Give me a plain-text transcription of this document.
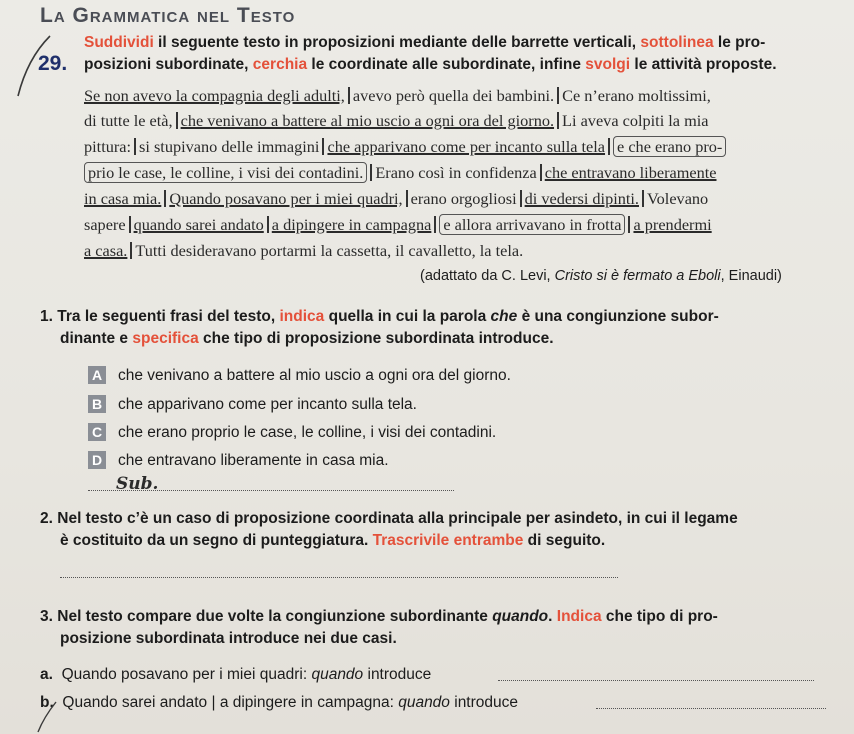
La Grammatica nel Testo
29.
Suddividi il seguente testo in proposizioni mediante delle barrette verticali, sottolinea le pro-
posizioni subordinate, cerchia le coordinate alle subordinate, infine svolgi le attività proposte.
Se non avevo la compagnia degli adulti, avevo però quella dei bambini. Ce n’erano moltissimi,
di tutte le età, che venivano a battere al mio uscio a ogni ora del giorno. Li aveva colpiti la mia
pittura: si stupivano delle immagini che apparivano come per incanto sulla tela e che erano pro-
prio le case, le colline, i visi dei contadini. Erano così in confidenza che entravano liberamente
in casa mia. Quando posavano per i miei quadri, erano orgogliosi di vedersi dipinti. Volevano
sapere quando sarei andato a dipingere in campagna e allora arrivavano in frotta a prendermi
a casa. Tutti desideravano portarmi la cassetta, il cavalletto, la tela.
(adattato da C. Levi, Cristo si è fermato a Eboli, Einaudi)
1. Tra le seguenti frasi del testo, indica quella in cui la parola che è una congiunzione subor-
dinante e specifica che tipo di proposizione subordinata introduce.
A che venivano a battere al mio uscio a ogni ora del giorno.
B che apparivano come per incanto sulla tela.
C che erano proprio le case, le colline, i visi dei contadini.
D che entravano liberamente in casa mia.
Sub.
2. Nel testo c’è un caso di proposizione coordinata alla principale per asindeto, in cui il legame
è costituito da un segno di punteggiatura. Trascrivile entrambe di seguito.
3. Nel testo compare due volte la congiunzione subordinante quando. Indica che tipo di pro-
posizione subordinata introduce nei due casi.
a. Quando posavano per i miei quadri: quando introduce
b. Quando sarei andato | a dipingere in campagna: quando introduce
